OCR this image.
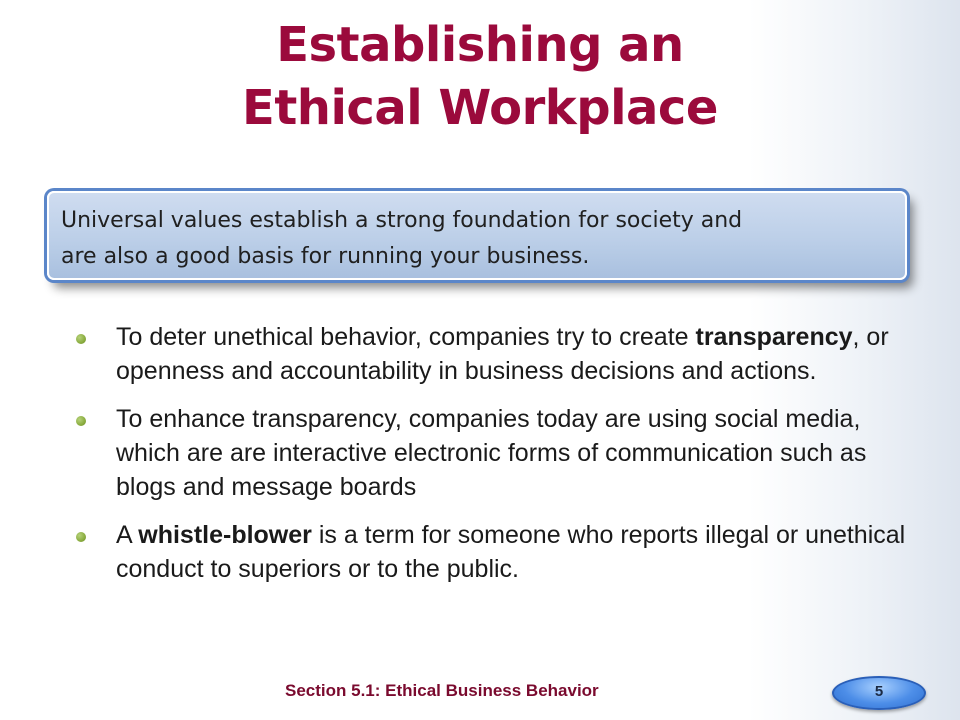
Establishing an
Ethical Workplace
Universal values establish a strong foundation for society and
are also a good basis for running your business.
To deter unethical behavior, companies try to create transparency, or openness and accountability in business decisions and actions.
To enhance transparency, companies today are using social media, which are are interactive electronic forms of communication such as blogs and message boards
A whistle-blower is a term for someone who reports illegal or unethical conduct to superiors or to the public.
Section 5.1: Ethical Business Behavior	5
